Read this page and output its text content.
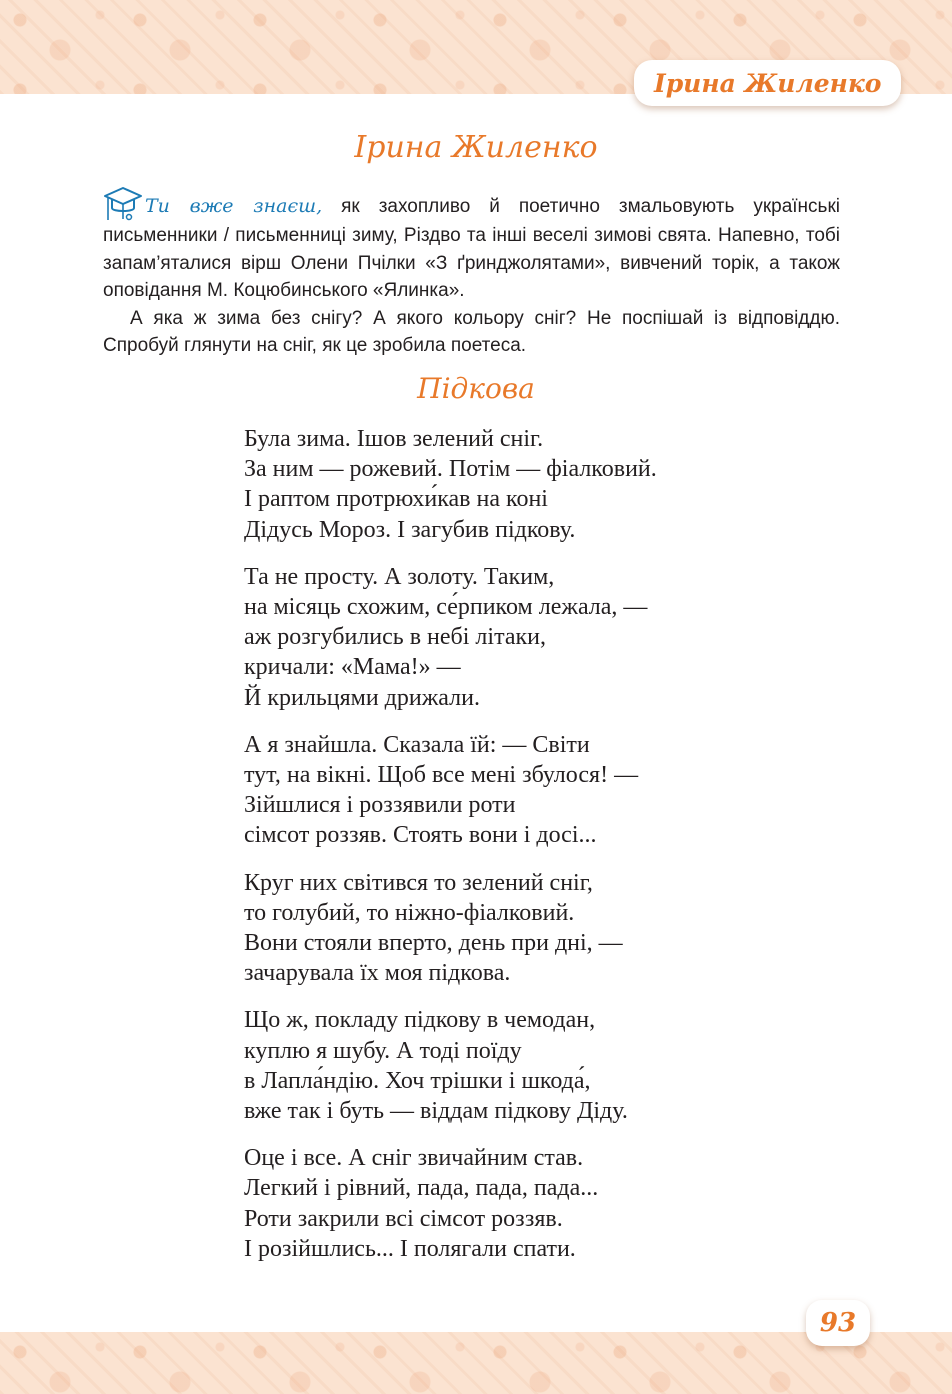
Ірина Жиленко
Ірина Жиленко

Ти вже знаєш, як захопливо й поетично змальовують українські письменники / письменниці зиму, Різдво та інші веселі зимові свята. Напевно, тобі запам’яталися вірш Олени Пчілки «З ґринджолятами», вивчений торік, а також оповідання М. Коцюбинського «Ялинка».

А яка ж зима без снігу? А якого кольору сніг? Не поспішай із відповіддю. Спробуй глянути на сніг, як це зробила поетеса.

Підкова
Була зима. Ішов зелений сніг.
За ним — рожевий. Потім — фіалковий.
І раптом протрюхи́кав на коні
Дідусь Мороз. І загубив підкову.
Та не просту. А золоту. Таким,
на місяць схожим, се́рпиком лежала, —
аж розгубились в небі літаки,
кричали: «Мама!» —
Й крильцями дрижали.
А я знайшла. Сказала їй: — Світи
тут, на вікні. Щоб все мені збулося! —
Зійшлися і роззявили роти
сімсот роззяв. Стоять вони і досі...
Круг них світився то зелений сніг,
то голубий, то ніжно-фіалковий.
Вони стояли вперто, день при дні, —
зачарувала їх моя підкова.
Що ж, покладу підкову в чемодан,
куплю я шубу. А тоді поїду
в Лапла́ндію. Хоч трішки і шкода́,
вже так і буть — віддам підкову Діду.
Оце і все. А сніг звичайним став.
Легкий і рівний, пада, пада, пада...
Роти закрили всі сімсот роззяв.
І розійшлись... І полягали спати.
93
